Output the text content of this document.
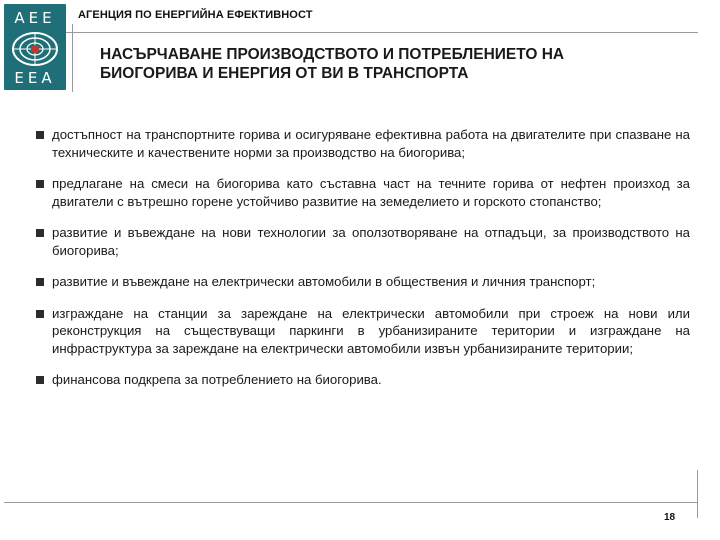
AEE
EEA
АГЕНЦИЯ ПО ЕНЕРГИЙНА ЕФЕКТИВНОСТ
НАСЪРЧАВАНЕ ПРОИЗВОДСТВОТО И ПОТРЕБЛЕНИЕТО НА
БИОГОРИВА И ЕНЕРГИЯ ОТ ВИ В ТРАНСПОРТА
достъпност на транспортните горива и осигуряване ефективна работа на двигателите при спазване на техническите и качествените норми за производство на биогорива;
предлагане на смеси на биогорива като съставна част на течните горива от нефтен произход за двигатели с вътрешно горене устойчиво развитие на земеделието и горското стопанство;
развитие и въвеждане на нови технологии за оползотворяване на отпадъци, за производството на биогорива;
развитие и въвеждане на електрически автомобили в обществения и личния транспорт;
изграждане на станции за зареждане на електрически автомобили при строеж на нови или реконструкция на съществуващи паркинги в урбанизираните територии и изграждане на инфраструктура за зареждане на електрически автомобили извън урбанизираните територии;
финансова подкрепа за потреблението на биогорива.
18
